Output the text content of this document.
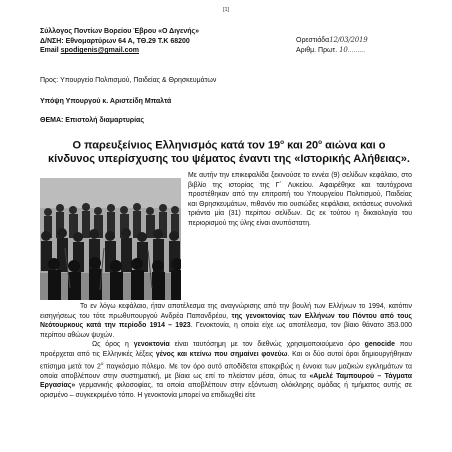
[1]
Σύλλογος Ποντίων Βορείου Έβρου «Ο Διγενής»
Δ/ΝΣΗ: Εθνομαρτύρων 64 Α, ΤΘ.29 Τ.Κ 68200
Email spodigenis@gmail.com
Ορεστιάδα12/03/2019
Αριθμ. Πρωτ. 10.........
Προς: Υπουργείο Πολιτισμού, Παιδείας & Θρησκευμάτων
Υπόψη Υπουργού κ. Αριστείδη Μπαλτά
ΘΕΜΑ: Επιστολή διαμαρτυρίας
Ο παρευξείνιος Ελληνισμός κατά τον $19^o$ και $20^o$ αιώνα και ο κίνδυνος υπερίσχυσης του ψέματος έναντι της «Ιστορικής Αλήθειας».
Με αυτήν την επικεφαλίδα ξεκινούσε το εννέα (9) σελίδων κεφάλαιο, στο βιβλίο της ιστορίας της Γ΄ Λυκείου. Αφαιρέθηκε και ταυτόχρονα προστέθηκαν από την επιτροπή του Υπουργείου Πολιτισμού, Παιδείας και Θρησκευμάτων, πιθανόν πιο ουσιώδες κεφάλαια, εκτάσεως συνολικά τριάντα μία (31) περίπου σελίδων. Ως εκ τούτου η δικαιολογία του περιορισμού της ύλης είναι ανυπόστατη.
Το εν λόγω κεφάλαιο, ήταν αποτέλεσμα της αναγνώρισης από την βουλή των Ελλήνων το 1994, κατόπιν εισηγήσεως του τότε πρωθυπουργού Ανδρέα Παπανδρέου, της γενοκτονίας των Ελλήνων του Πόντου από τους Νεότουρκους κατά την περίοδο 1914 – 1923. Γενοκτονία, η οποία είχε ως αποτέλεσμα, τον βίαιο θάνατο 353.000 περίπου αθώων ψυχών.
Ως όρος η γενοκτονία είναι ταυτόσημη με τον διεθνώς χρησιμοποιούμενο όρο genocide που προέρχεται από τις Ελληνικές λέξεις γένος και κτείνω που σημαίνει φονεύω. Και οι δύο αυτοί όροι δημιουργήθηκαν επίσημα μετά τον $2^o$ παγκόσμιο πόλεμο. Με τον όρο αυτό αποδίδεται επακριβώς η έννοια των μαζικών εγκλημάτων τα οποία αποβλέπουν στην συστηματική, με βίαια ως επί το πλείστον μέσα, όπως τα «Αμελέ Ταμπουρού – Τάγματα Εργασίας» γερμανικής φιλοσοφίας, τα οποία αποβλέπουν στην εξόντωση ολόκληρης ομάδας ή τμήματος αυτής σε ορισμένο – συγκεκριμένο τόπο. Η γενοκτονία μπορεί να επιδιωχθεί είτε
